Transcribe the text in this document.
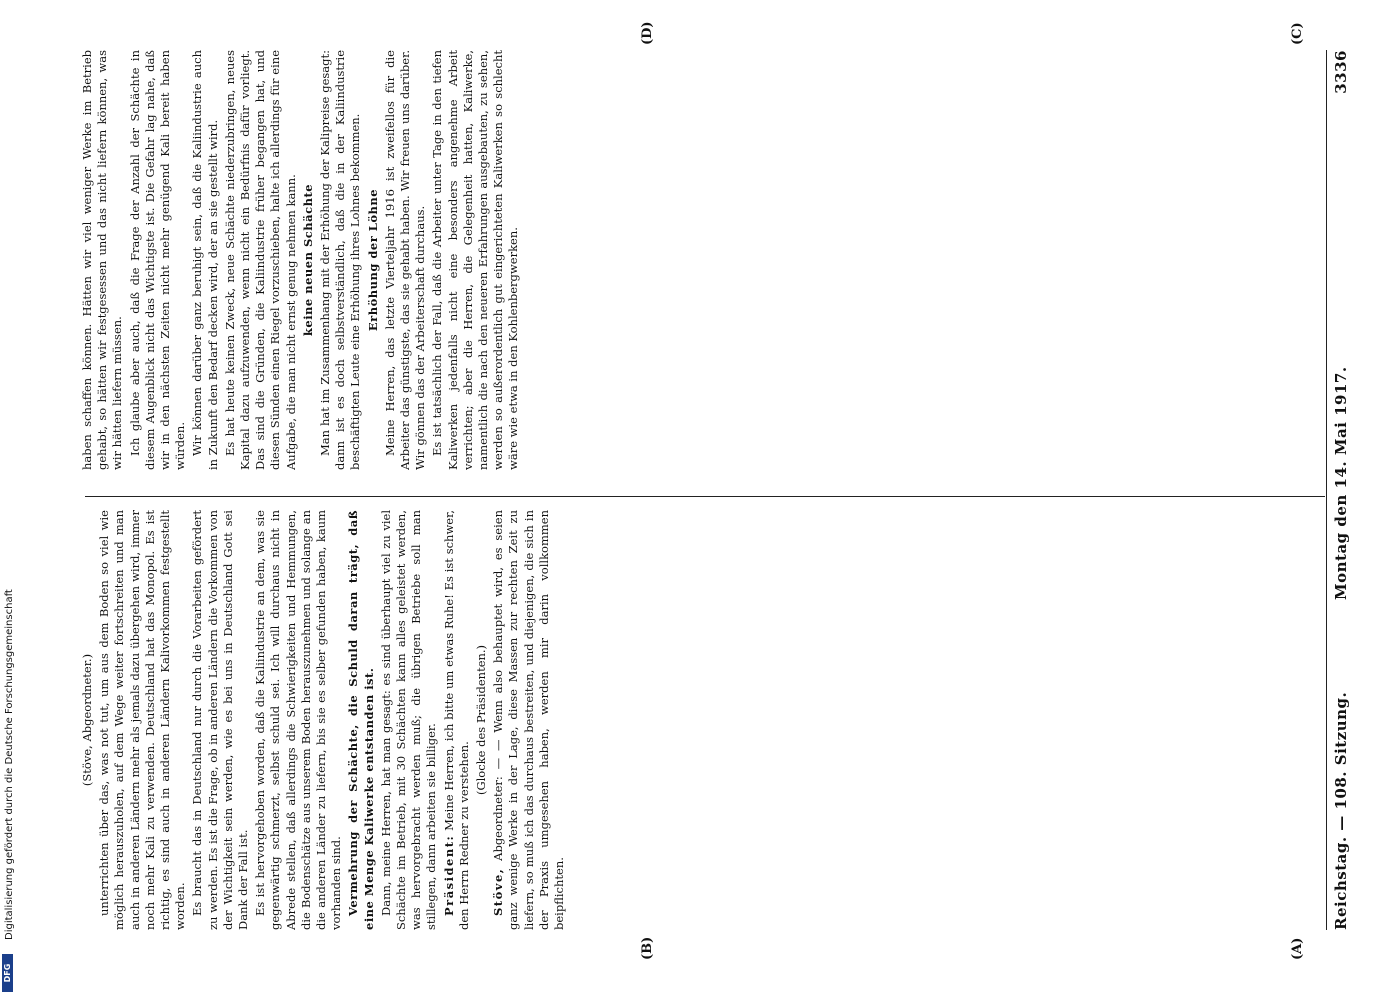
Reichstag. — 108. Sitzung.
Montag den 14. Mai 1917.
3336
(A)
(B)
(C)
(D)

(Stöve, Abgeordneter.) unterrichten über das, was not tut, um aus dem Boden so viel wie möglich herauszuholen, auf dem Wege weiter fortschreiten und man auch in anderen Ländern mehr als jemals dazu übergehen wird, immer noch mehr Kali zu verwenden. Deutschland hat das Monopol. Es ist richtig, es sind auch in anderen Ländern Kalivorkommen festgestellt worden. Es braucht das in Deutschland nur durch die Vorarbeiten gefördert zu werden. Es ist die Frage, ob in anderen Ländern die Vorkommen von der Wichtigkeit sein werden, wie es bei uns in Deutschland Gott sei Dank der Fall ist. Es ist hervorgehoben worden, daß die Kaliindustrie an dem, was sie gegenwärtig schmerzt, selbst schuld sei. Ich will durchaus nicht in Abrede stellen, daß allerdings die Schwierigkeiten und Hemmungen, die Bodenschätze aus unserem Boden herauszunehmen und solange an die anderen Länder zu liefern, bis sie es selber gefunden haben, kaum vorhanden sind. Vermehrung der Schächte, die Schuld daran trägt, daß eine Menge Kaliwerke entstanden ist. Dann, meine Herren, hat man gesagt: es sind überhaupt viel zu viel Schächte im Betrieb, mit 30 Schächten kann alles geleistet werden, was hervorgebracht werden muß; die übrigen Betriebe soll man stillegen, dann arbeiten sie billiger. Präsident: Meine Herren, ich bitte um etwas Ruhe! Es ist schwer, den Herrn Redner zu verstehen.

(Glocke des Präsidenten.)

Stöve, Abgeordneter: — — Wenn also behauptet wird, es seien ganz wenige Werke in der Lage, diese Massen zur rechten Zeit zu liefern, so muß ich das durchaus bestreiten, und diejenigen, die sich in der Praxis umgesehen haben, werden mir darin vollkommen beipflichten.

haben schaffen können. Hätten wir viel weniger Werke im Betrieb gehabt, so hätten wir festgesessen und das nicht liefern können, was wir hätten liefern müssen. Ich glaube aber auch, daß die Frage der Anzahl der Schächte in diesem Augenblick nicht das Wichtigste ist. Die Gefahr lag nahe, daß wir in den nächsten Zeiten nicht mehr genügend Kali bereit haben würden. Wir können darüber ganz beruhigt sein, daß die Kaliindustrie auch in Zukunft den Bedarf decken wird, der an sie gestellt wird. Es hat heute keinen Zweck, neue Schächte niederzubringen, neues Kapital dazu aufzuwenden, wenn nicht ein Bedürfnis dafür vorliegt. Das sind die Gründen, die Kaliindustrie früher begangen hat, und diesen Sünden einen Riegel vorzuschieben, halte ich allerdings für eine Aufgabe, die man nicht ernst genug nehmen kann. keine neuen Schächte Man hat im Zusammenhang mit der Erhöhung der Kalipreise gesagt: dann ist es doch selbstverständlich, daß die in der Kaliindustrie beschäftigten Leute eine Erhöhung ihres Lohnes bekommen. Erhöhung der Löhne Meine Herren, das letzte Vierteljahr 1916 ist zweifellos für die Arbeiter das günstigste, das sie gehabt haben. Wir freuen uns darüber. Wir gönnen das der Arbeiterschaft durchaus. Es ist tatsächlich der Fall, daß die Arbeiter unter Tage in den tiefen Kaliwerken jedenfalls nicht eine besonders angenehme Arbeit verrichten; aber die Herren, die Gelegenheit hatten, Kaliwerke, namentlich die nach den neueren Erfahrungen ausgebauten, zu sehen, werden so außerordentlich gut eingerichteten Kaliwerken so schlecht wäre wie etwa in den Kohlenbergwerken.

DFG
Digitalisierung gefördert durch die Deutsche Forschungsgemeinschaft
